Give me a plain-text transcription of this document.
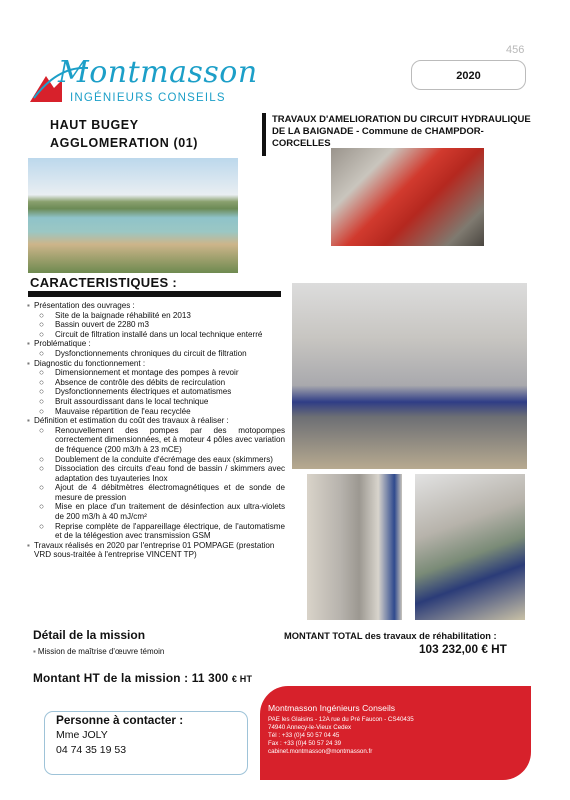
456
Montmasson
INGÉNIEURS CONSEILS
2020
HAUT BUGEY
AGGLOMERATION (01)
TRAVAUX D'AMELIORATION DU CIRCUIT HYDRAULIQUE
DE LA BAIGNADE - Commune de CHAMPDOR-CORCELLES
CARACTERISTIQUES :
▪ Présentation des ouvrages :
○	Site de la baignade réhabilité en 2013
○	Bassin ouvert de 2280 m3
○	Circuit de filtration installé dans un local technique enterré
▪ Problématique :
○	Dysfonctionnements chroniques du circuit de filtration
▪ Diagnostic du fonctionnement :
○	Dimensionnement et montage des pompes à revoir
○	Absence de contrôle des débits de recirculation
○	Dysfonctionnements électriques et automatismes
○	Bruit assourdissant dans le local technique
○	Mauvaise répartition de l'eau recyclée
▪ Définition et estimation du coût des travaux à réaliser :
○	Renouvellement des pompes par des motopompes correctement dimensionnées, et à moteur 4 pôles avec variation de fréquence (200 m3/h à 23 mCE)
○	Doublement de la conduite d'écrémage des eaux (skimmers)
○	Dissociation des circuits d'eau fond de bassin / skimmers avec adaptation des tuyauteries Inox
○	Ajout de 4 débitmètres électromagnétiques et de sonde de mesure de pression
○	Mise en place d'un traitement de désinfection aux ultra-violets de 200 m3/h à 40 mJ/cm²
○	Reprise complète de l'appareillage électrique, de l'automatisme et de la télégestion avec transmission GSM
▪ Travaux réalisés en 2020 par l'entreprise 01 POMPAGE (prestation VRD sous-traitée à l'entreprise VINCENT TP)
Détail de la mission
▪ Mission de maîtrise d'œuvre témoin
MONTANT TOTAL des travaux de réhabilitation :
103 232,00 € HT
Montant HT de la mission : 11 300 € HT
Personne à contacter :
Mme JOLY
04 74 35 19 53
Montmasson Ingénieurs Conseils
PAE les Glaisins - 12A rue du Pré Faucon - CS40435
74940 Annecy-le-Vieux Cedex
Tél : +33 (0)4 50 57 04 45
Fax : +33 (0)4 50 57 24 39
cabinet.montmasson@montmasson.fr
